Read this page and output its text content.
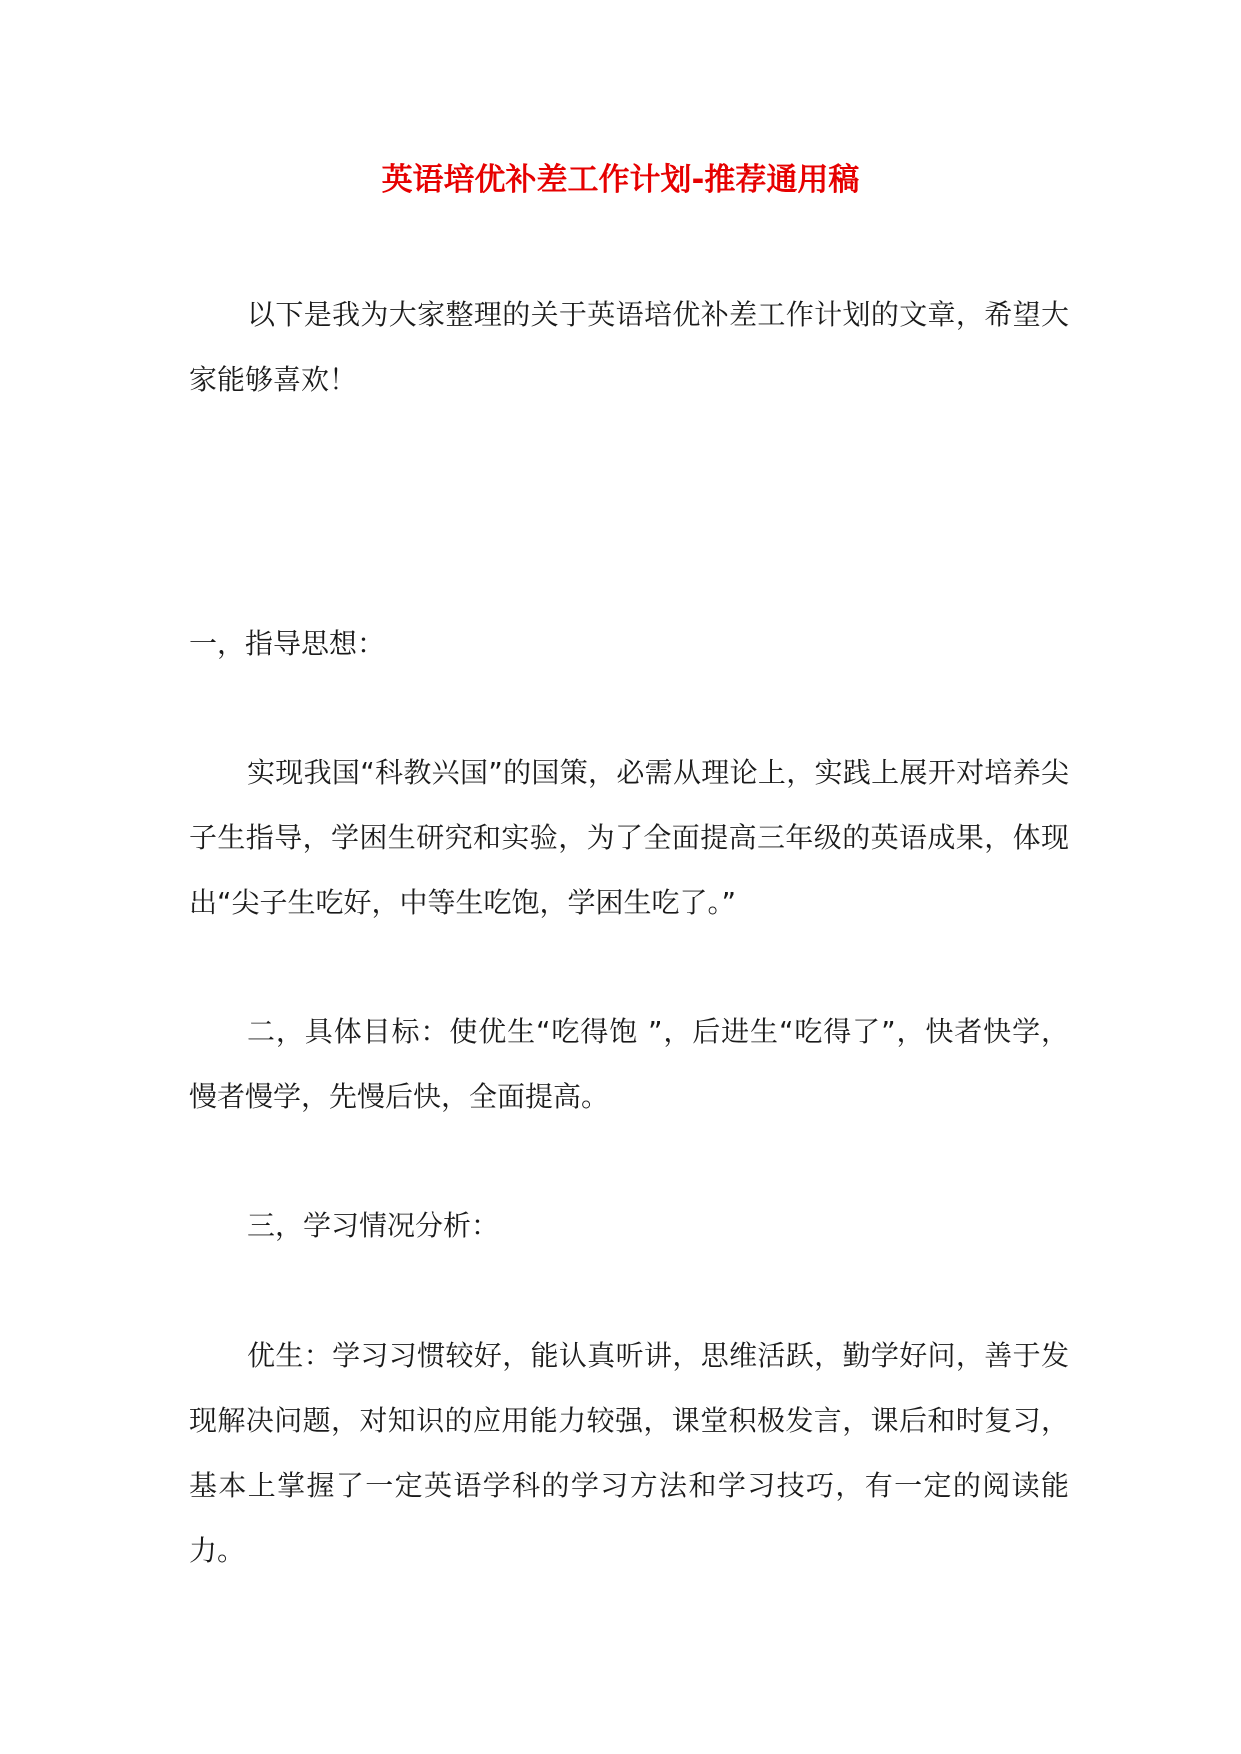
英语培优补差工作计划-推荐通用稿

以下是我为大家整理的关于英语培优补差工作计划的文章，希望大家能够喜欢！

一，指导思想：

实现我国“科教兴国”的国策，必需从理论上，实践上展开对培养尖子生指导，学困生研究和实验，为了全面提高三年级的英语成果，体现出“尖子生吃好，中等生吃饱，学困生吃了。”

二，具体目标：使优生“吃得饱 ”，后进生“吃得了”，快者快学，慢者慢学，先慢后快，全面提高。

三，学习情况分析：

优生：学习习惯较好，能认真听讲，思维活跃，勤学好问，善于发现解决问题，对知识的应用能力较强，课堂积极发言，课后和时复习，基本上掌握了一定英语学科的学习方法和学习技巧，有一定的阅读能力。
